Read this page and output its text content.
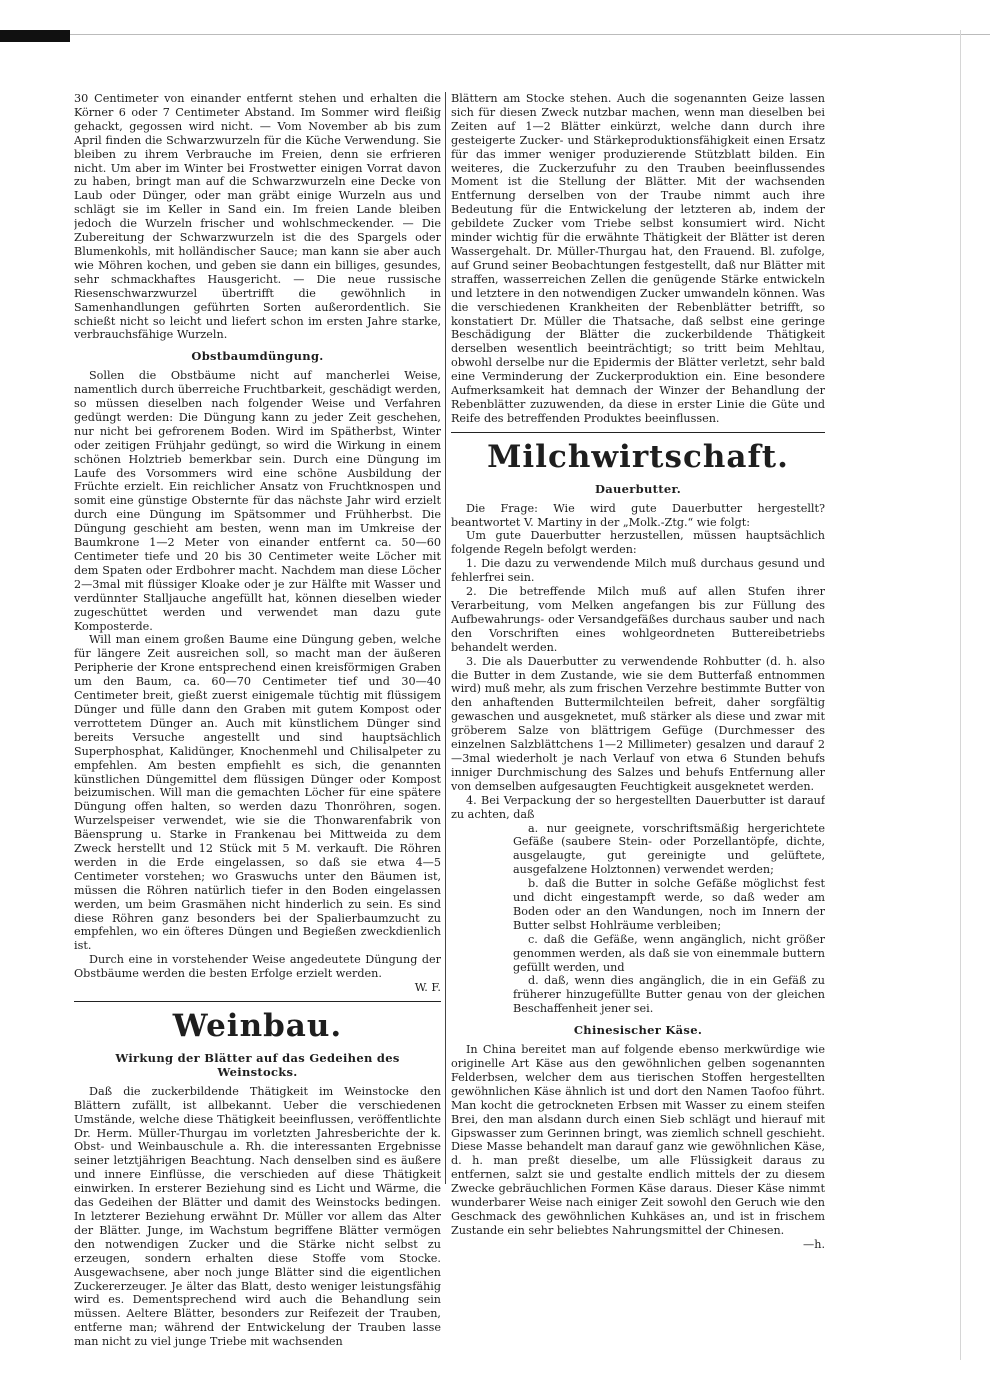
30 Centimeter von einander entfernt stehen und erhalten die Körner 6 oder 7 Centimeter Abstand. Im Sommer wird fleißig gehackt, gegossen wird nicht. — Vom November ab bis zum April finden die Schwarzwurzeln für die Küche Verwendung. Sie bleiben zu ihrem Verbrauche im Freien, denn sie erfrieren nicht. Um aber im Winter bei Frostwetter einigen Vorrat davon zu haben, bringt man auf die Schwarzwurzeln eine Decke von Laub oder Dünger, oder man gräbt einige Wurzeln aus und schlägt sie im Keller in Sand ein. Im freien Lande bleiben jedoch die Wurzeln frischer und wohlschmeckender. — Die Zubereitung der Schwarzwurzeln ist die des Spargels oder Blumenkohls, mit holländischer Sauce; man kann sie aber auch wie Möhren kochen, und geben sie dann ein billiges, gesundes, sehr schmackhaftes Hausgericht. — Die neue russische Riesenschwarzwurzel übertrifft die gewöhnlich in Samenhandlungen geführten Sorten außerordentlich. Sie schießt nicht so leicht und liefert schon im ersten Jahre starke, verbrauchsfähige Wurzeln.

Obstbaumdüngung.

Sollen die Obstbäume nicht auf mancherlei Weise, namentlich durch überreiche Fruchtbarkeit, geschädigt werden, so müssen dieselben nach folgender Weise und Verfahren gedüngt werden: Die Düngung kann zu jeder Zeit geschehen, nur nicht bei gefrorenem Boden. Wird im Spätherbst, Winter oder zeitigen Frühjahr gedüngt, so wird die Wirkung in einem schönen Holztrieb bemerkbar sein. Durch eine Düngung im Laufe des Vorsommers wird eine schöne Ausbildung der Früchte erzielt. Ein reichlicher Ansatz von Fruchtknospen und somit eine günstige Obsternte für das nächste Jahr wird erzielt durch eine Düngung im Spätsommer und Frühherbst. Die Düngung geschieht am besten, wenn man im Umkreise der Baumkrone 1—2 Meter von einander entfernt ca. 50—60 Centimeter tiefe und 20 bis 30 Centimeter weite Löcher mit dem Spaten oder Erdbohrer macht. Nachdem man diese Löcher 2—3mal mit flüssiger Kloake oder je zur Hälfte mit Wasser und verdünnter Stalljauche angefüllt hat, können dieselben wieder zugeschüttet werden und verwendet man dazu gute Komposterde.

Will man einem großen Baume eine Düngung geben, welche für längere Zeit ausreichen soll, so macht man der äußeren Peripherie der Krone entsprechend einen kreisförmigen Graben um den Baum, ca. 60—70 Centimeter tief und 30—40 Centimeter breit, gießt zuerst einigemale tüchtig mit flüssigem Dünger und fülle dann den Graben mit gutem Kompost oder verrottetem Dünger an. Auch mit künstlichem Dünger sind bereits Versuche angestellt und sind hauptsächlich Superphosphat, Kalidünger, Knochenmehl und Chilisalpeter zu empfehlen. Am besten empfiehlt es sich, die genannten künstlichen Düngemittel dem flüssigen Dünger oder Kompost beizumischen. Will man die gemachten Löcher für eine spätere Düngung offen halten, so werden dazu Thonröhren, sogen. Wurzelspeiser verwendet, wie sie die Thonwarenfabrik von Bäensprung u. Starke in Frankenau bei Mittweida zu dem Zweck herstellt und 12 Stück mit 5 M. verkauft. Die Röhren werden in die Erde eingelassen, so daß sie etwa 4—5 Centimeter vorstehen; wo Graswuchs unter den Bäumen ist, müssen die Röhren natürlich tiefer in den Boden eingelassen werden, um beim Grasmähen nicht hinderlich zu sein. Es sind diese Röhren ganz besonders bei der Spalierbaumzucht zu empfehlen, wo ein öfteres Düngen und Begießen zweckdienlich ist.

Durch eine in vorstehender Weise angedeutete Düngung der Obstbäume werden die besten Erfolge erzielt werden.

W. F.

Weinbau.
Wirkung der Blätter auf das Gedeihen des Weinstocks.

Daß die zuckerbildende Thätigkeit im Weinstocke den Blättern zufällt, ist allbekannt. Ueber die verschiedenen Umstände, welche diese Thätigkeit beeinflussen, veröffentlichte Dr. Herm. Müller-Thurgau im vorletzten Jahresberichte der k. Obst- und Weinbauschule a. Rh. die interessanten Ergebnisse seiner letztjährigen Beachtung. Nach denselben sind es äußere und innere Einflüsse, die verschieden auf diese Thätigkeit einwirken. In ersterer Beziehung sind es Licht und Wärme, die das Gedeihen der Blätter und damit des Weinstocks bedingen. In letzterer Beziehung erwähnt Dr. Müller vor allem das Alter der Blätter. Junge, im Wachstum begriffene Blätter vermögen den notwendigen Zucker und die Stärke nicht selbst zu erzeugen, sondern erhalten diese Stoffe vom Stocke. Ausgewachsene, aber noch junge Blätter sind die eigentlichen Zuckererzeuger. Je älter das Blatt, desto weniger leistungsfähig wird es. Dementsprechend wird auch die Behandlung sein müssen. Aeltere Blätter, besonders zur Reifezeit der Trauben, entferne man; während der Entwickelung der Trauben lasse man nicht zu viel junge Triebe mit wachsenden

Blättern am Stocke stehen. Auch die sogenannten Geize lassen sich für diesen Zweck nutzbar machen, wenn man dieselben bei Zeiten auf 1—2 Blätter einkürzt, welche dann durch ihre gesteigerte Zucker- und Stärkeproduktionsfähigkeit einen Ersatz für das immer weniger produzierende Stützblatt bilden. Ein weiteres, die Zuckerzufuhr zu den Trauben beeinflussendes Moment ist die Stellung der Blätter. Mit der wachsenden Entfernung derselben von der Traube nimmt auch ihre Bedeutung für die Entwickelung der letzteren ab, indem der gebildete Zucker vom Triebe selbst konsumiert wird. Nicht minder wichtig für die erwähnte Thätigkeit der Blätter ist deren Wassergehalt. Dr. Müller-Thurgau hat, den Frauend. Bl. zufolge, auf Grund seiner Beobachtungen festgestellt, daß nur Blätter mit straffen, wasserreichen Zellen die genügende Stärke entwickeln und letztere in den notwendigen Zucker umwandeln können. Was die verschiedenen Krankheiten der Rebenblätter betrifft, so konstatiert Dr. Müller die Thatsache, daß selbst eine geringe Beschädigung der Blätter die zuckerbildende Thätigkeit derselben wesentlich beeinträchtigt; so tritt beim Mehltau, obwohl derselbe nur die Epidermis der Blätter verletzt, sehr bald eine Verminderung der Zuckerproduktion ein. Eine besondere Aufmerksamkeit hat demnach der Winzer der Behandlung der Rebenblätter zuzuwenden, da diese in erster Linie die Güte und Reife des betreffenden Produktes beeinflussen.

Milchwirtschaft.
Dauerbutter.

Die Frage: Wie wird gute Dauerbutter hergestellt? beantwortet V. Martiny in der „Molk.-Ztg.“ wie folgt:

Um gute Dauerbutter herzustellen, müssen hauptsächlich folgende Regeln befolgt werden:

1. Die dazu zu verwendende Milch muß durchaus gesund und fehlerfrei sein.

2. Die betreffende Milch muß auf allen Stufen ihrer Verarbeitung, vom Melken angefangen bis zur Füllung des Aufbewahrungs- oder Versandgefäßes durchaus sauber und nach den Vorschriften eines wohlgeordneten Buttereibetriebs behandelt werden.

3. Die als Dauerbutter zu verwendende Rohbutter (d. h. also die Butter in dem Zustande, wie sie dem Butterfaß entnommen wird) muß mehr, als zum frischen Verzehre bestimmte Butter von den anhaftenden Buttermilchteilen befreit, daher sorgfältig gewaschen und ausgeknetet, muß stärker als diese und zwar mit gröberem Salze von blättrigem Gefüge (Durchmesser des einzelnen Salzblättchens 1—2 Millimeter) gesalzen und darauf 2—3mal wiederholt je nach Verlauf von etwa 6 Stunden behufs inniger Durchmischung des Salzes und behufs Entfernung aller von demselben aufgesaugten Feuchtigkeit ausgeknetet werden.

4. Bei Verpackung der so hergestellten Dauerbutter ist darauf zu achten, daß

a. nur geeignete, vorschriftsmäßig hergerichtete Gefäße (saubere Stein- oder Porzellantöpfe, dichte, ausgelaugte, gut gereinigte und gelüftete, ausgefalzene Holztonnen) verwendet werden;

b. daß die Butter in solche Gefäße möglichst fest und dicht eingestampft werde, so daß weder am Boden oder an den Wandungen, noch im Innern der Butter selbst Hohlräume verbleiben;

c. daß die Gefäße, wenn angänglich, nicht größer genommen werden, als daß sie von einemmale buttern gefüllt werden, und

d. daß, wenn dies angänglich, die in ein Gefäß zu früherer hinzugefüllte Butter genau von der gleichen Beschaffenheit jener sei.

Chinesischer Käse.

In China bereitet man auf folgende ebenso merkwürdige wie originelle Art Käse aus den gewöhnlichen gelben sogenannten Felderbsen, welcher dem aus tierischen Stoffen hergestellten gewöhnlichen Käse ähnlich ist und dort den Namen Taofoo führt. Man kocht die getrockneten Erbsen mit Wasser zu einem steifen Brei, den man alsdann durch einen Sieb schlägt und hierauf mit Gipswasser zum Gerinnen bringt, was ziemlich schnell geschieht. Diese Masse behandelt man darauf ganz wie gewöhnlichen Käse, d. h. man preßt dieselbe, um alle Flüssigkeit daraus zu entfernen, salzt sie und gestalte endlich mittels der zu diesem Zwecke gebräuchlichen Formen Käse daraus. Dieser Käse nimmt wunderbarer Weise nach einiger Zeit sowohl den Geruch wie den Geschmack des gewöhnlichen Kuhkäses an, und ist in frischem Zustande ein sehr beliebtes Nahrungsmittel der Chinesen.

—h.
